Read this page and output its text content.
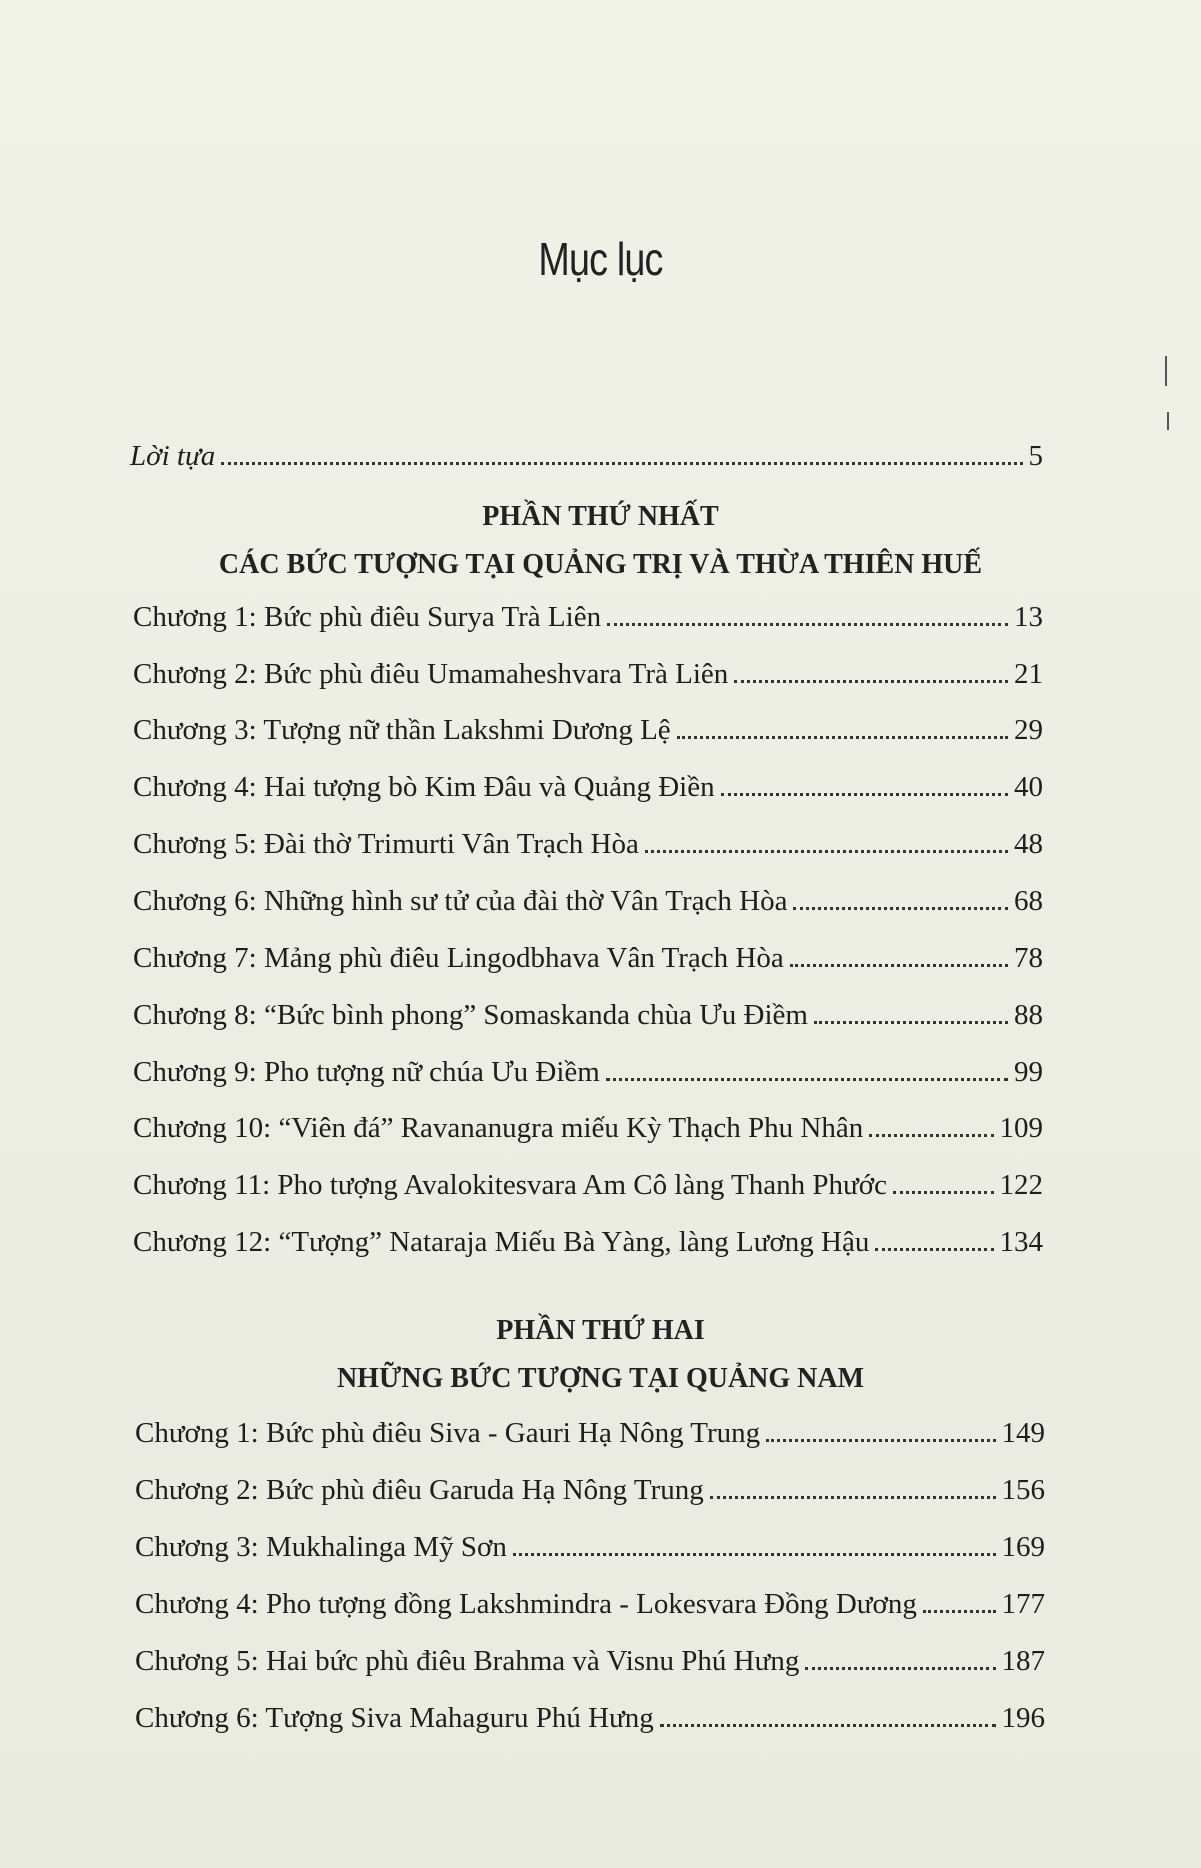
Mục lục
Lời tựa	5
PHẦN THỨ NHẤT
CÁC BỨC TƯỢNG TẠI QUẢNG TRỊ VÀ THỪA THIÊN HUẾ
Chương 1: Bức phù điêu Surya Trà Liên	13
Chương 2: Bức phù điêu Umamaheshvara Trà Liên	21
Chương 3: Tượng nữ thần Lakshmi Dương Lệ	29
Chương 4: Hai tượng bò Kim Đâu và Quảng Điền	40
Chương 5: Đài thờ Trimurti Vân Trạch Hòa	48
Chương 6: Những hình sư tử của đài thờ Vân Trạch Hòa	68
Chương 7: Mảng phù điêu Lingodbhava Vân Trạch Hòa	78
Chương 8: “Bức bình phong” Somaskanda chùa Ưu Điềm	88
Chương 9: Pho tượng nữ chúa Ưu Điềm	99
Chương 10: “Viên đá” Ravananugra miếu Kỳ Thạch Phu Nhân	109
Chương 11: Pho tượng Avalokitesvara Am Cô làng Thanh Phước	122
Chương 12: “Tượng” Nataraja Miếu Bà Yàng, làng Lương Hậu	134
PHẦN THỨ HAI
NHỮNG BỨC TƯỢNG TẠI QUẢNG NAM
Chương 1: Bức phù điêu Siva - Gauri Hạ Nông Trung	149
Chương 2: Bức phù điêu Garuda Hạ Nông Trung	156
Chương 3: Mukhalinga Mỹ Sơn	169
Chương 4: Pho tượng đồng Lakshmindra - Lokesvara Đồng Dương	177
Chương 5: Hai bức phù điêu Brahma và Visnu Phú Hưng	187
Chương 6: Tượng Siva Mahaguru Phú Hưng	196
